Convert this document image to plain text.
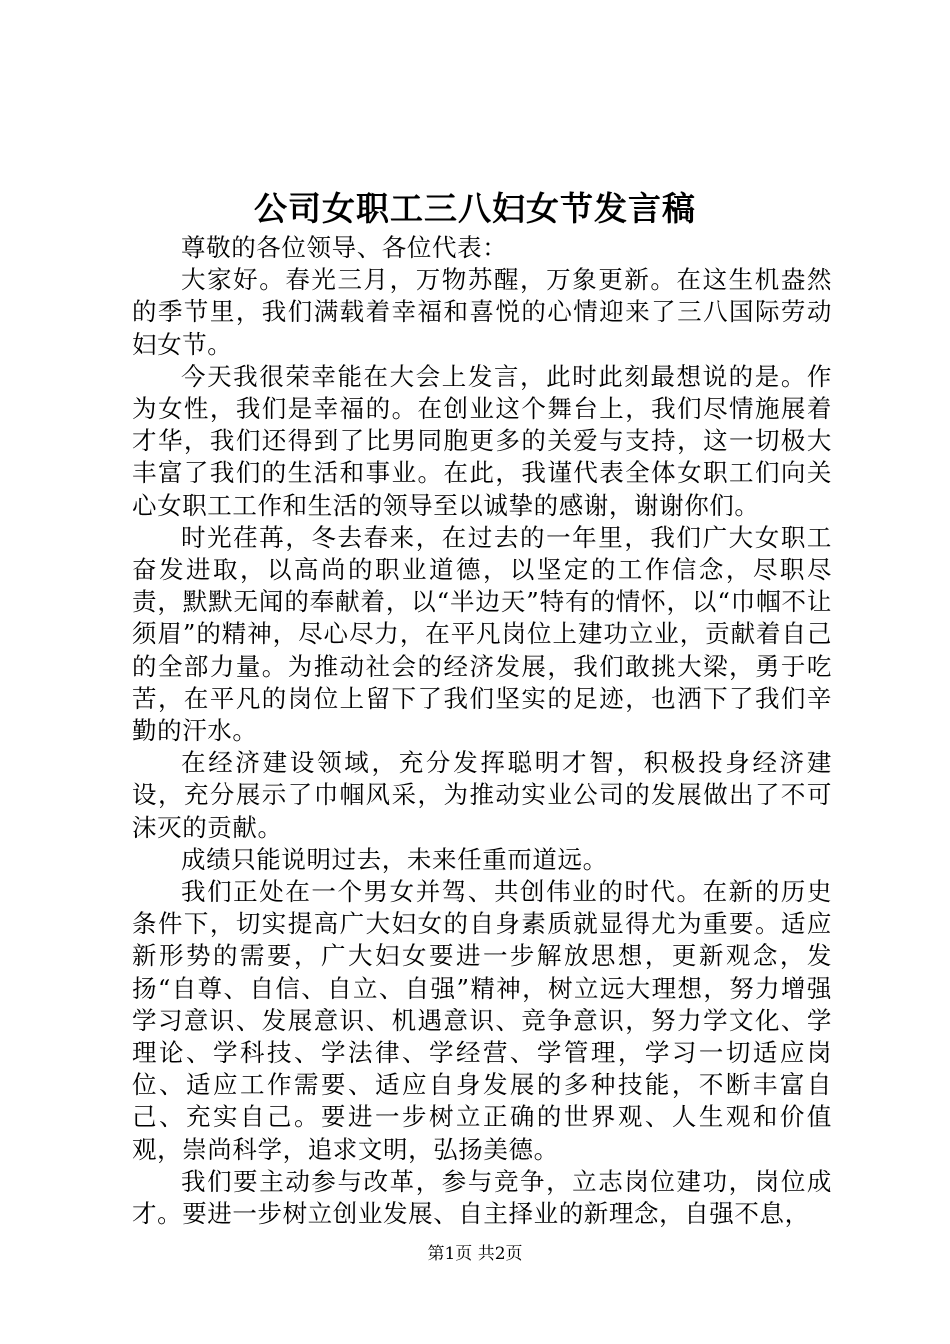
公司女职工三八妇女节发言稿

尊敬的各位领导、各位代表：

大家好。春光三月，万物苏醒，万象更新。在这生机盎然的季节里，我们满载着幸福和喜悦的心情迎来了三八国际劳动妇女节。

今天我很荣幸能在大会上发言，此时此刻最想说的是。作为女性，我们是幸福的。在创业这个舞台上，我们尽情施展着才华，我们还得到了比男同胞更多的关爱与支持，这一切极大丰富了我们的生活和事业。在此，我谨代表全体女职工们向关心女职工工作和生活的领导至以诚挚的感谢，谢谢你们。

时光荏苒，冬去春来，在过去的一年里，我们广大女职工奋发进取，以高尚的职业道德，以坚定的工作信念，尽职尽责，默默无闻的奉献着，以“半边天”特有的情怀，以“巾帼不让须眉”的精神，尽心尽力，在平凡岗位上建功立业，贡献着自己的全部力量。为推动社会的经济发展，我们敢挑大梁，勇于吃苦，在平凡的岗位上留下了我们坚实的足迹，也洒下了我们辛勤的汗水。

在经济建设领域，充分发挥聪明才智，积极投身经济建设，充分展示了巾帼风采，为推动实业公司的发展做出了不可沫灭的贡献。

成绩只能说明过去，未来任重而道远。

我们正处在一个男女并驾、共创伟业的时代。在新的历史条件下，切实提高广大妇女的自身素质就显得尤为重要。适应新形势的需要，广大妇女要进一步解放思想，更新观念，发扬“自尊、自信、自立、自强”精神，树立远大理想，努力增强学习意识、发展意识、机遇意识、竞争意识，努力学文化、学理论、学科技、学法律、学经营、学管理，学习一切适应岗位、适应工作需要、适应自身发展的多种技能，不断丰富自己、充实自己。要进一步树立正确的世界观、人生观和价值观，崇尚科学，追求文明，弘扬美德。

我们要主动参与改革，参与竞争，立志岗位建功，岗位成才。要进一步树立创业发展、自主择业的新理念，自强不息，

第1页 共2页
